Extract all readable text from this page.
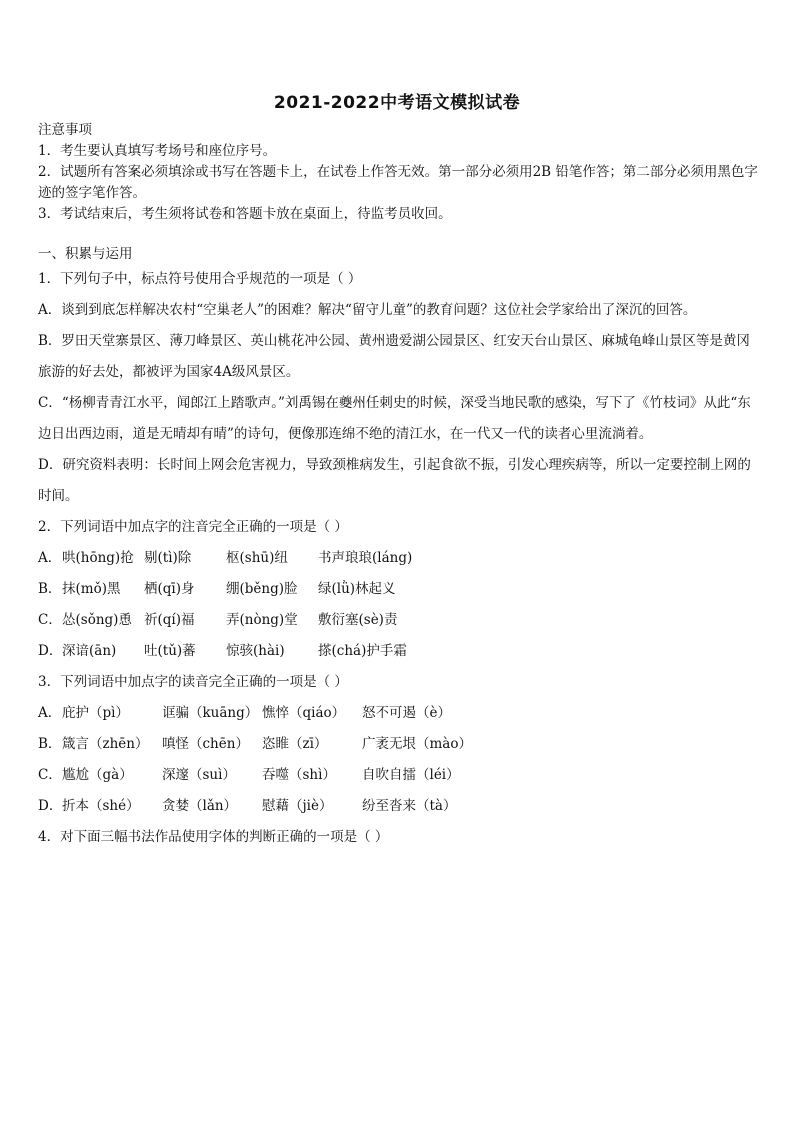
2021-2022中考语文模拟试卷

注意事项

1．考生要认真填写考场号和座位序号。

2．试题所有答案必须填涂或书写在答题卡上，在试卷上作答无效。第一部分必须用2B 铅笔作答；第二部分必须用黑色字迹的签字笔作答。

3．考试结束后，考生须将试卷和答题卡放在桌面上，待监考员收回。

一、积累与运用

1．下列句子中，标点符号使用合乎规范的一项是（ ）
A．谈到到底怎样解决农村“空巢老人”的困难？解决“留守儿童”的教育问题？这位社会学家给出了深沉的回答。
B．罗田天堂寨景区、薄刀峰景区、英山桃花冲公园、黄州遗爱湖公园景区、红安天台山景区、麻城龟峰山景区等是黄冈旅游的好去处，都被评为国家4A级风景区。
C．“杨柳青青江水平，闻郎江上踏歌声。”刘禹锡在夔州任刺史的时候，深受当地民歌的感染，写下了《竹枝词》从此“东边日出西边雨，道是无晴却有晴”的诗句，便像那连绵不绝的清江水，在一代又一代的读者心里流淌着。
D．研究资料表明：长时间上网会危害视力，导致颈椎病发生，引起食欲不振，引发心理疾病等，所以一定要控制上网的时间。
2．下列词语中加点字的注音完全正确的一项是（ ）
A． 哄(hōng)抢 剔(tì)除	枢(shū)纽	书声琅琅(láng)
B． 抹(mǒ)黑	栖(qī)身	绷(běng)脸	绿(lǜ)林起义
C． 怂(sǒng)恿 祈(qí)福	弄(nòng)堂	敷衍塞(sè)责
D． 深谙(ān)	吐(tǔ)蕃	惊骇(hài)	搽(chá)护手霜
3．下列词语中加点字的读音完全正确的一项是（ ）
A． 庇护（pì）	诓骗（kuāng） 憔悴（qiáo）	怒不可遏（è）
B． 箴言（zhēn）	嗔怪（chēn） 恣睢（zī）	广袤无垠（mào）
C． 尴尬（gà）	深邃（suì）	吞噬（shì）	自吹自擂（léi）
D． 折本（shé）	贪婪（lǎn）	慰藉（jiè）	纷至沓来（tà）
4．对下面三幅书法作品使用字体的判断正确的一项是（ ）
